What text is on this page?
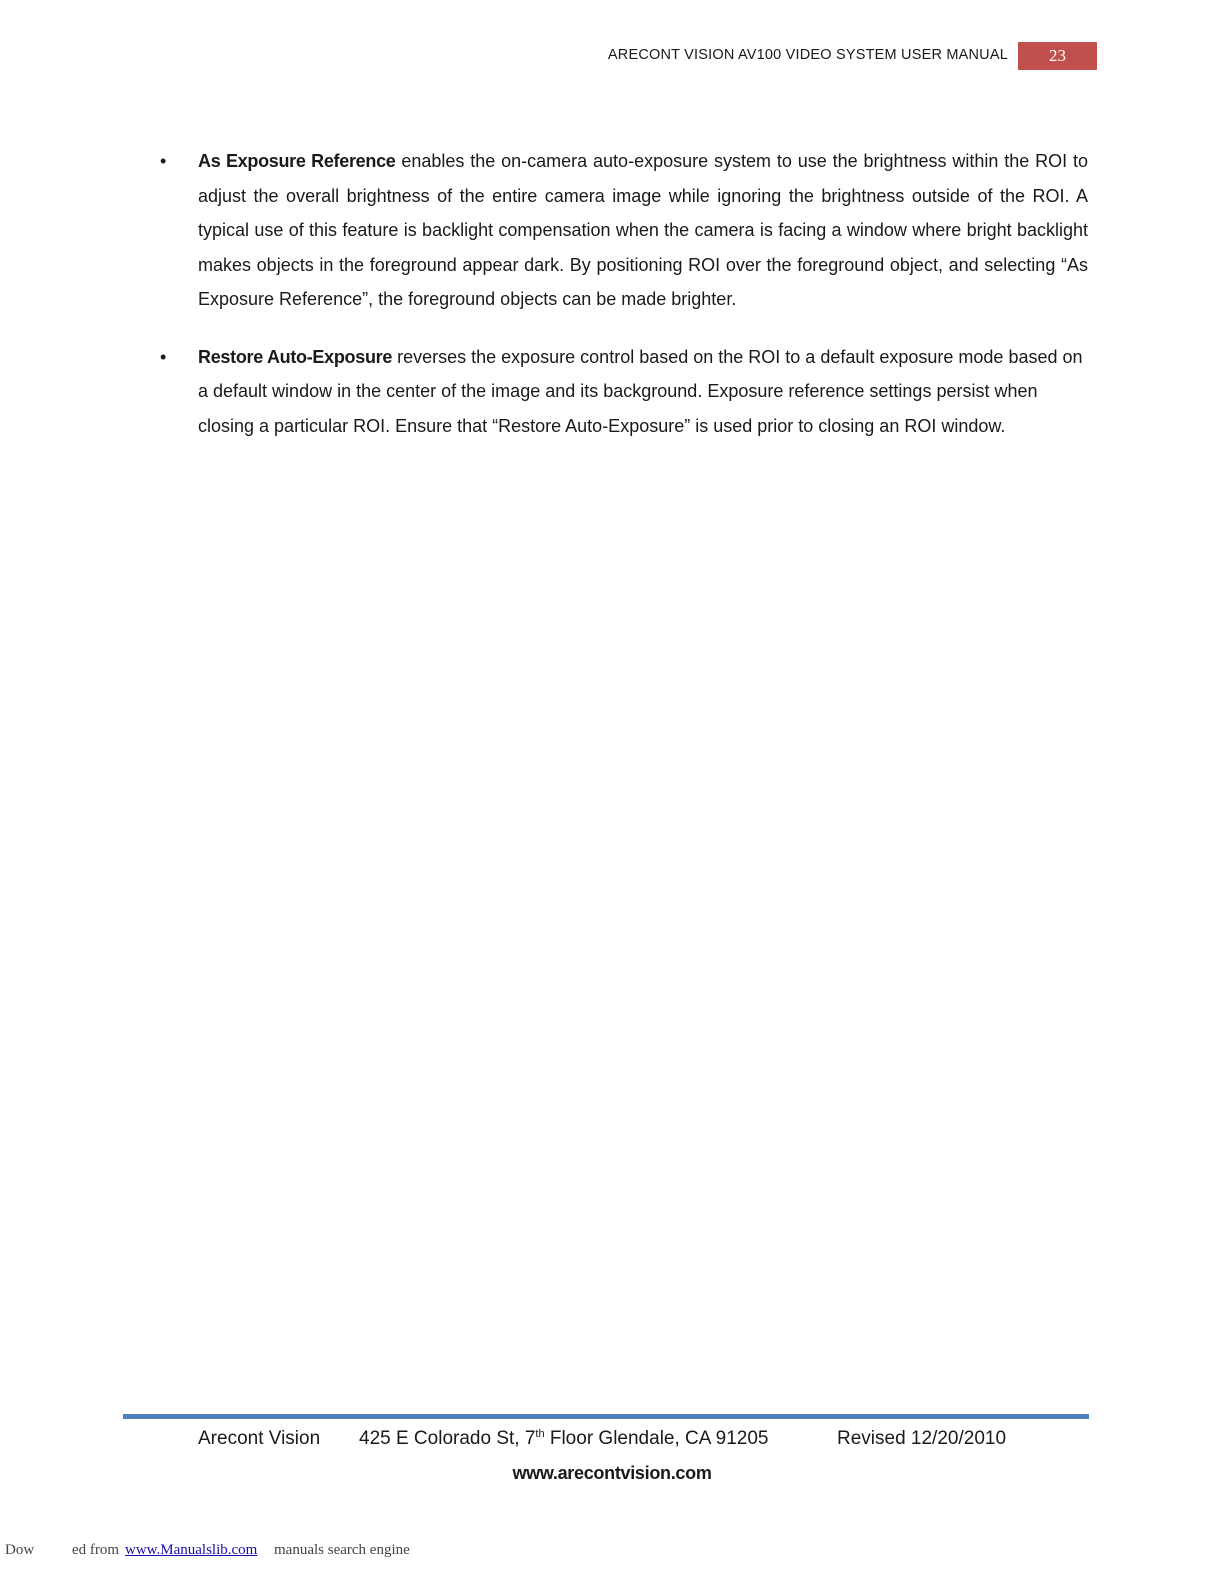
ARECONT VISION AV100 VIDEO SYSTEM USER MANUAL	23
• As Exposure Reference enables the on-camera auto-exposure system to use the brightness within the ROI to adjust the overall brightness of the entire camera image while ignoring the brightness outside of the ROI. A typical use of this feature is backlight compensation when the camera is facing a window where bright backlight makes objects in the foreground appear dark. By positioning ROI over the foreground object, and selecting “As Exposure Reference”, the foreground objects can be made brighter.

• Restore Auto-Exposure reverses the exposure control based on the ROI to a default exposure mode based on a default window in the center of the image and its background. Exposure reference settings persist when closing a particular ROI. Ensure that “Restore Auto-Exposure” is used prior to closing an ROI window.

Arecont Vision 425 E Colorado St, 7th Floor Glendale, CA 91205	Revised 12/20/2010
www.arecontvision.com
Dow	ed from www.Manualslib.com manuals search engine
